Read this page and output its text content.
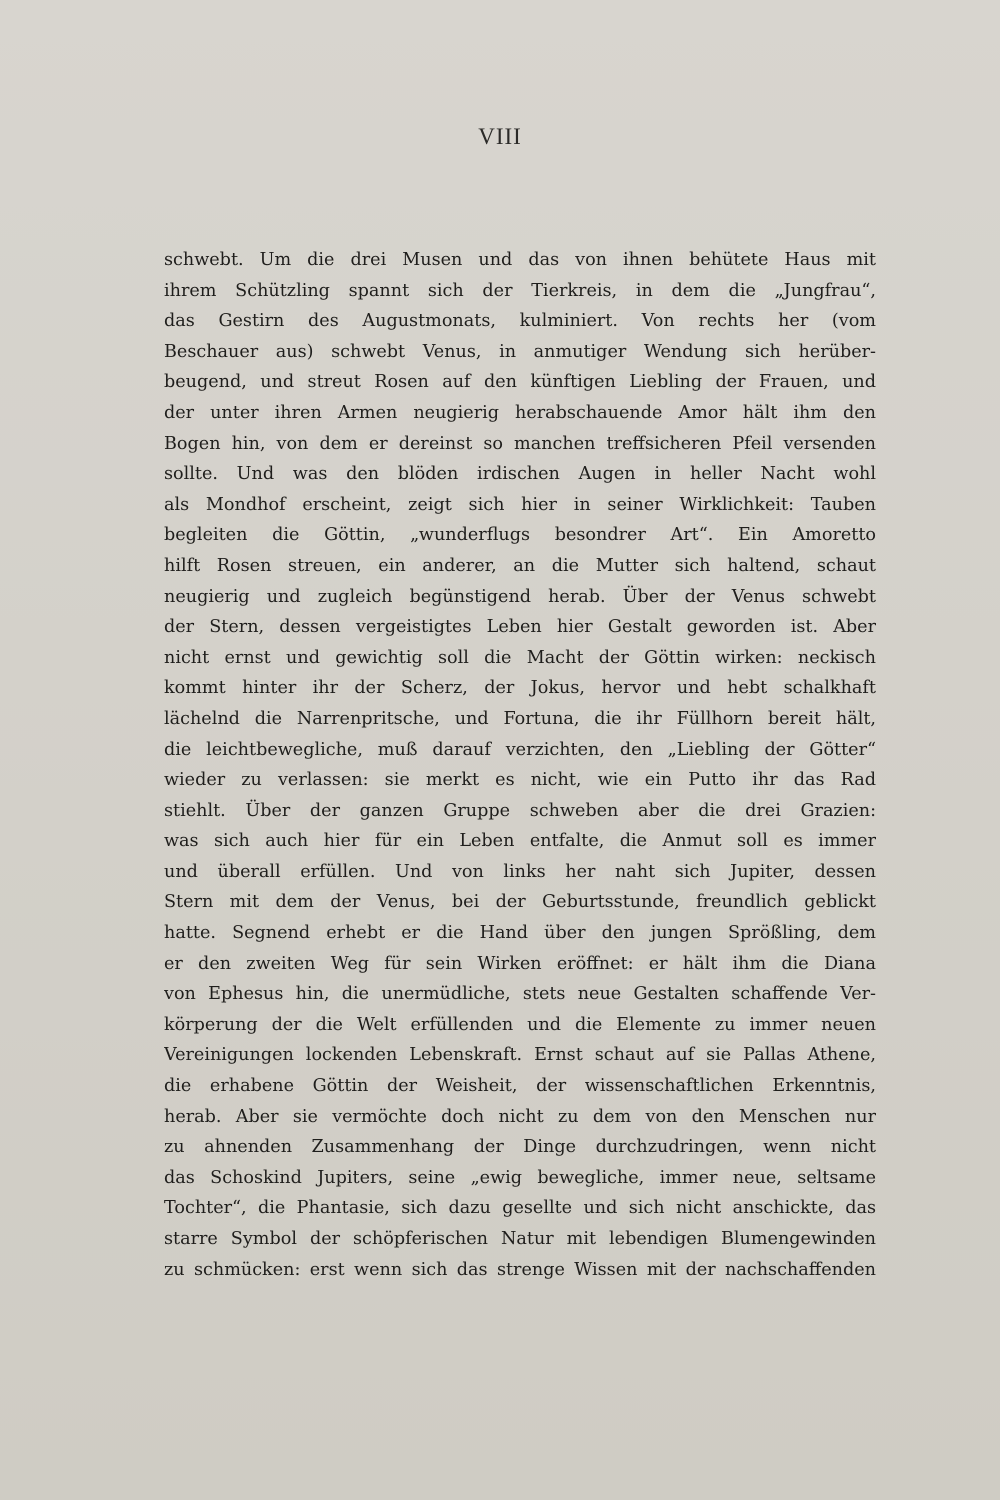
VIII
schwebt. Um die drei Musen und das von ihnen behütete Haus mit
ihrem Schützling spannt sich der Tierkreis, in dem die „Jungfrau“,
das Gestirn des Augustmonats, kulminiert. Von rechts her (vom
Beschauer aus) schwebt Venus, in anmutiger Wendung sich herüber-
beugend, und streut Rosen auf den künftigen Liebling der Frauen, und
der unter ihren Armen neugierig herabschauende Amor hält ihm den
Bogen hin, von dem er dereinst so manchen treffsicheren Pfeil versenden
sollte. Und was den blöden irdischen Augen in heller Nacht wohl
als Mondhof erscheint, zeigt sich hier in seiner Wirklichkeit: Tauben
begleiten die Göttin, „wunderflugs besondrer Art“. Ein Amoretto
hilft Rosen streuen, ein anderer, an die Mutter sich haltend, schaut
neugierig und zugleich begünstigend herab. Über der Venus schwebt
der Stern, dessen vergeistigtes Leben hier Gestalt geworden ist. Aber
nicht ernst und gewichtig soll die Macht der Göttin wirken: neckisch
kommt hinter ihr der Scherz, der Jokus, hervor und hebt schalkhaft
lächelnd die Narrenpritsche, und Fortuna, die ihr Füllhorn bereit hält,
die leichtbewegliche, muß darauf verzichten, den „Liebling der Götter“
wieder zu verlassen: sie merkt es nicht, wie ein Putto ihr das Rad
stiehlt. Über der ganzen Gruppe schweben aber die drei Grazien:
was sich auch hier für ein Leben entfalte, die Anmut soll es immer
und überall erfüllen. Und von links her naht sich Jupiter, dessen
Stern mit dem der Venus, bei der Geburtsstunde, freundlich geblickt
hatte. Segnend erhebt er die Hand über den jungen Sprößling, dem
er den zweiten Weg für sein Wirken eröffnet: er hält ihm die Diana
von Ephesus hin, die unermüdliche, stets neue Gestalten schaffende Ver-
körperung der die Welt erfüllenden und die Elemente zu immer neuen
Vereinigungen lockenden Lebenskraft. Ernst schaut auf sie Pallas Athene,
die erhabene Göttin der Weisheit, der wissenschaftlichen Erkenntnis,
herab. Aber sie vermöchte doch nicht zu dem von den Menschen nur
zu ahnenden Zusammenhang der Dinge durchzudringen, wenn nicht
das Schoskind Jupiters, seine „ewig bewegliche, immer neue, seltsame
Tochter“, die Phantasie, sich dazu gesellte und sich nicht anschickte, das
starre Symbol der schöpferischen Natur mit lebendigen Blumengewinden
zu schmücken: erst wenn sich das strenge Wissen mit der nachschaffenden
